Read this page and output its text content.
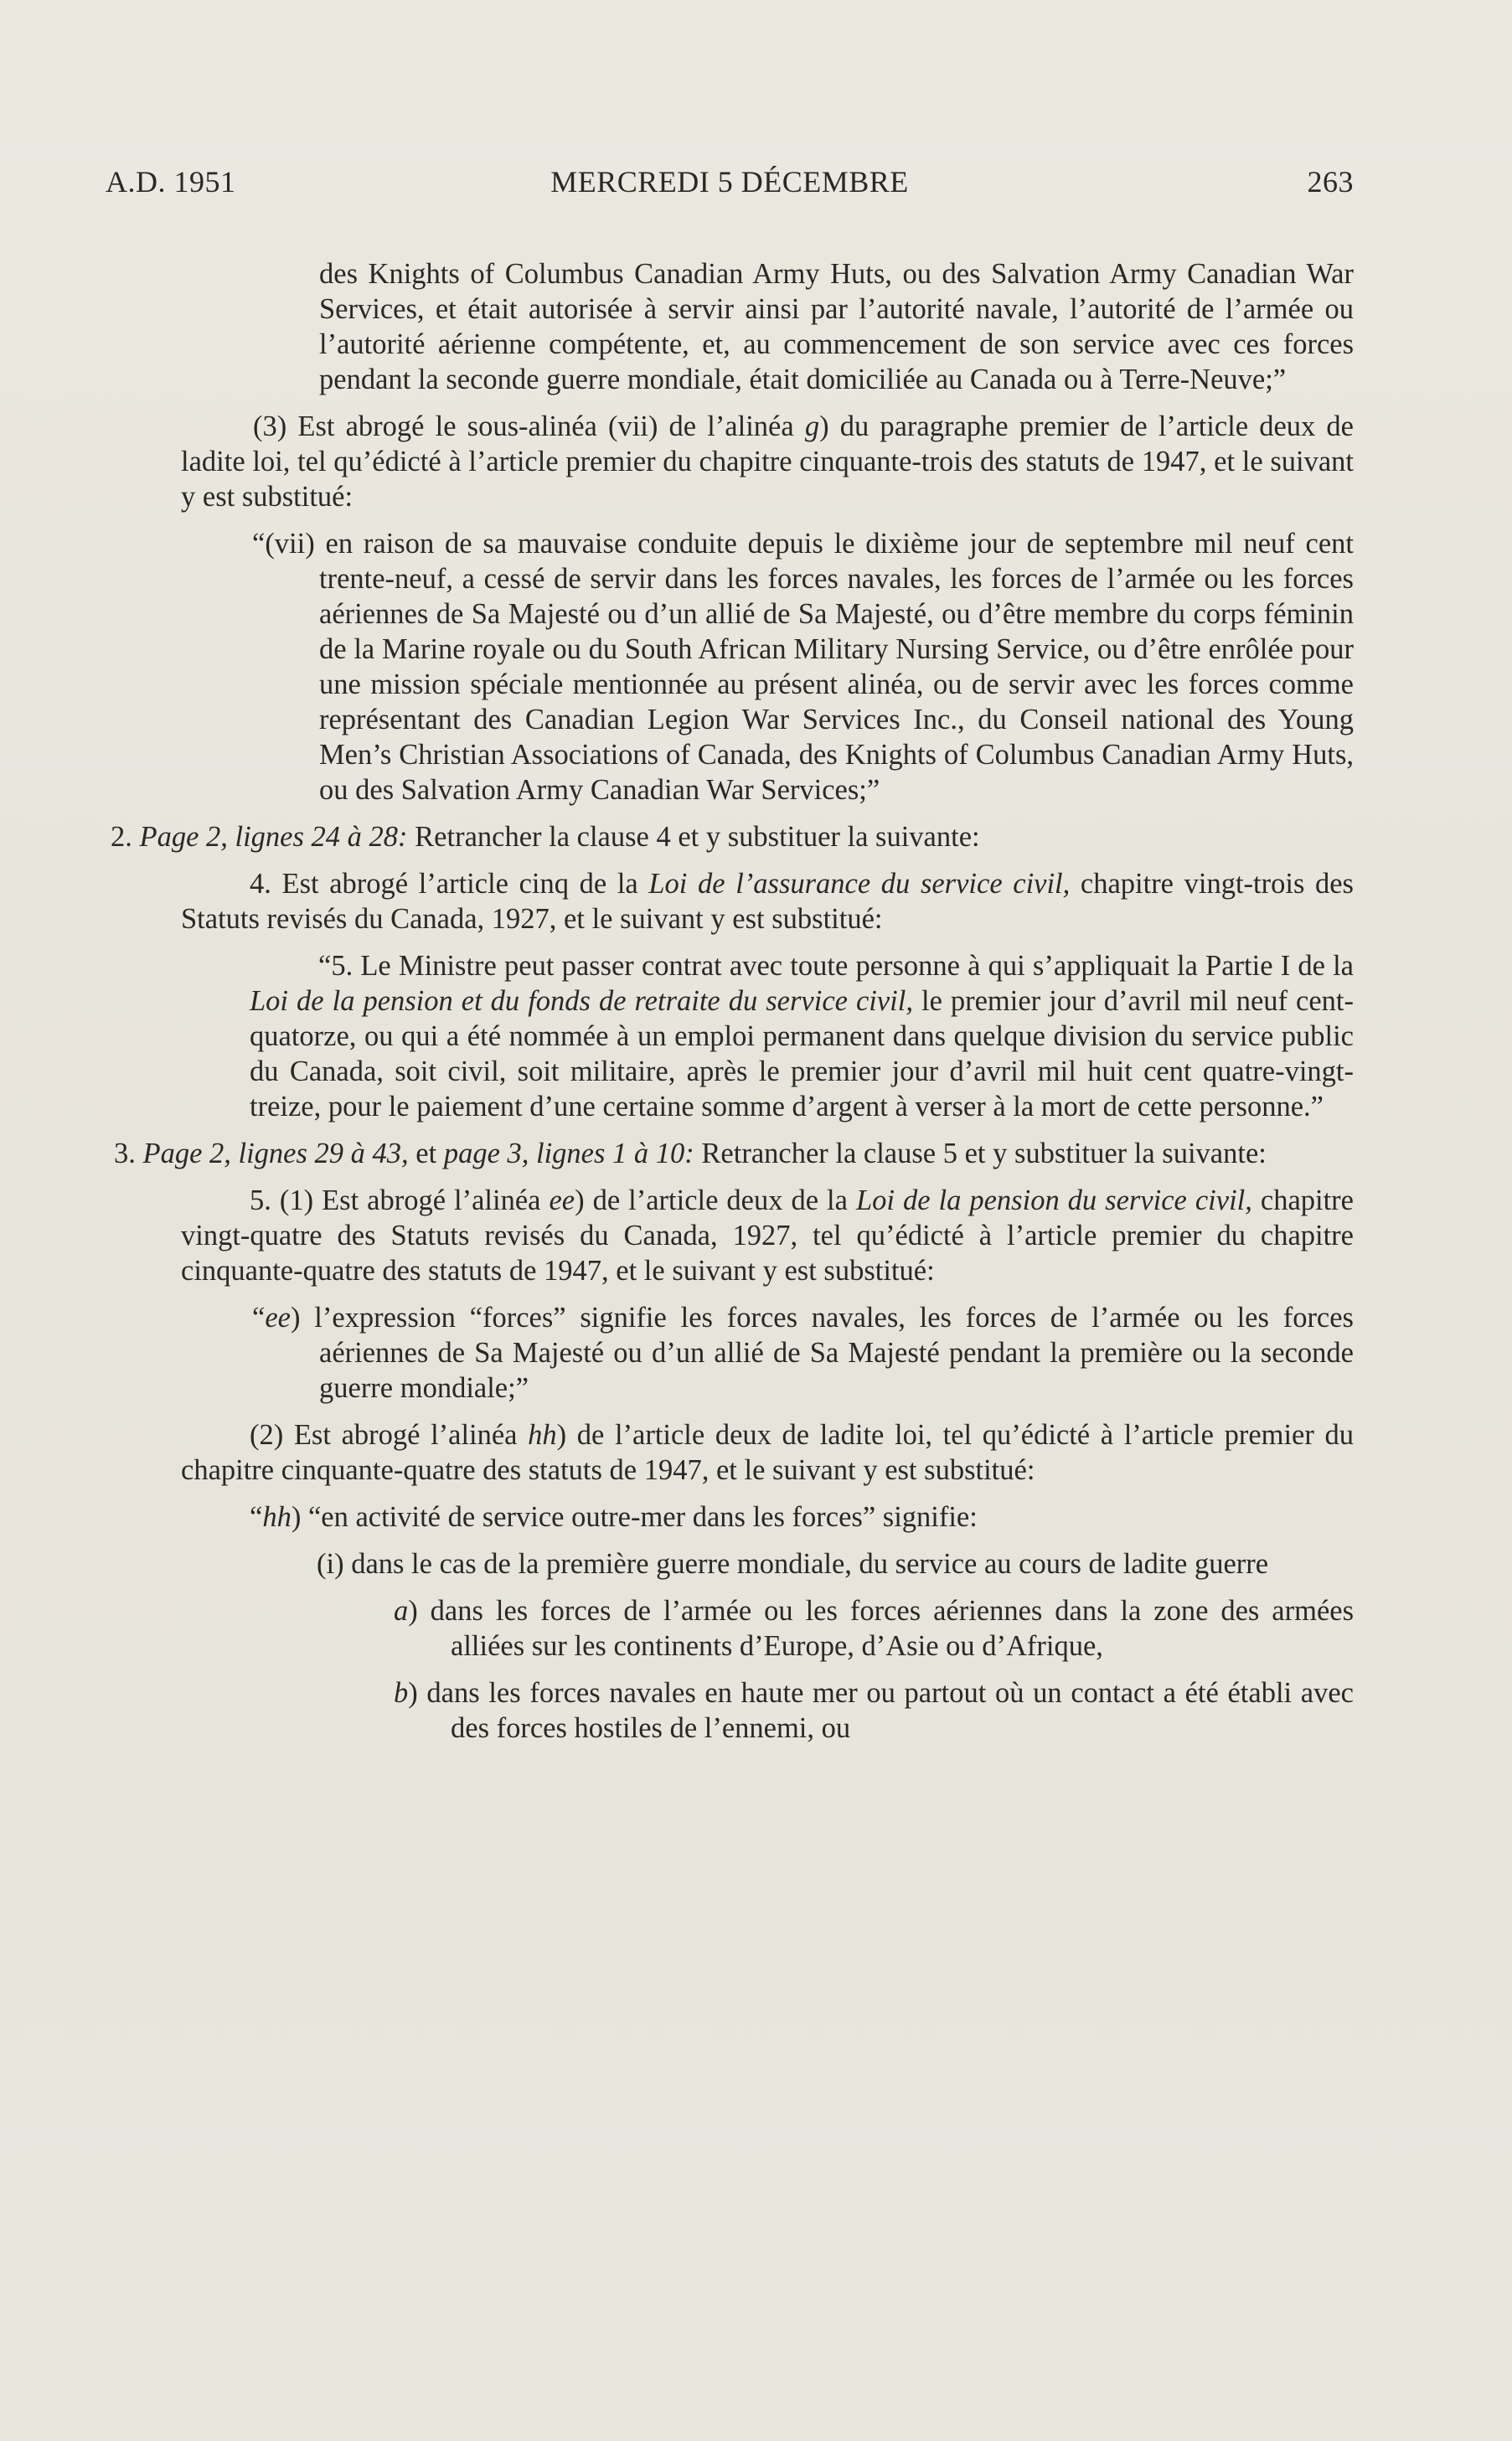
A.D. 1951	MERCREDI 5 DÉCEMBRE	263

des Knights of Columbus Canadian Army Huts, ou des Salvation Army Canadian War Services, et était autorisée à servir ainsi par l’autorité navale, l’autorité de l’armée ou l’autorité aérienne compétente, et, au commencement de son service avec ces forces pendant la seconde guerre mondiale, était domiciliée au Canada ou à Terre-Neuve;”

(3) Est abrogé le sous-alinéa (vii) de l’alinéa g) du paragraphe premier de l’article deux de ladite loi, tel qu’édicté à l’article premier du chapitre cinquante-trois des statuts de 1947, et le suivant y est substitué:

“(vii) en raison de sa mauvaise conduite depuis le dixième jour de septembre mil neuf cent trente-neuf, a cessé de servir dans les forces navales, les forces de l’armée ou les forces aériennes de Sa Majesté ou d’un allié de Sa Majesté, ou d’être membre du corps féminin de la Marine royale ou du South African Military Nursing Service, ou d’être enrôlée pour une mission spéciale mentionnée au présent alinéa, ou de servir avec les forces comme représentant des Canadian Legion War Services Inc., du Conseil national des Young Men’s Christian Associations of Canada, des Knights of Columbus Canadian Army Huts, ou des Salvation Army Canadian War Services;”

2. Page 2, lignes 24 à 28: Retrancher la clause 4 et y substituer la suivante:

4. Est abrogé l’article cinq de la Loi de l’assurance du service civil, chapitre vingt-trois des Statuts revisés du Canada, 1927, et le suivant y est substitué:

“5. Le Ministre peut passer contrat avec toute personne à qui s’appliquait la Partie I de la Loi de la pension et du fonds de retraite du service civil, le premier jour d’avril mil neuf cent-quatorze, ou qui a été nommée à un emploi permanent dans quelque division du service public du Canada, soit civil, soit militaire, après le premier jour d’avril mil huit cent quatre-vingt-treize, pour le paiement d’une certaine somme d’argent à verser à la mort de cette personne.”

3. Page 2, lignes 29 à 43, et page 3, lignes 1 à 10: Retrancher la clause 5 et y substituer la suivante:

5. (1) Est abrogé l’alinéa ee) de l’article deux de la Loi de la pension du service civil, chapitre vingt-quatre des Statuts revisés du Canada, 1927, tel qu’édicté à l’article premier du chapitre cinquante-quatre des statuts de 1947, et le suivant y est substitué:

“ee) l’expression “forces” signifie les forces navales, les forces de l’armée ou les forces aériennes de Sa Majesté ou d’un allié de Sa Majesté pendant la première ou la seconde guerre mondiale;”

(2) Est abrogé l’alinéa hh) de l’article deux de ladite loi, tel qu’édicté à l’article premier du chapitre cinquante-quatre des statuts de 1947, et le suivant y est substitué:

“hh) “en activité de service outre-mer dans les forces” signifie:

(i) dans le cas de la première guerre mondiale, du service au cours de ladite guerre

a) dans les forces de l’armée ou les forces aériennes dans la zone des armées alliées sur les continents d’Europe, d’Asie ou d’Afrique,

b) dans les forces navales en haute mer ou partout où un contact a été établi avec des forces hostiles de l’ennemi, ou
